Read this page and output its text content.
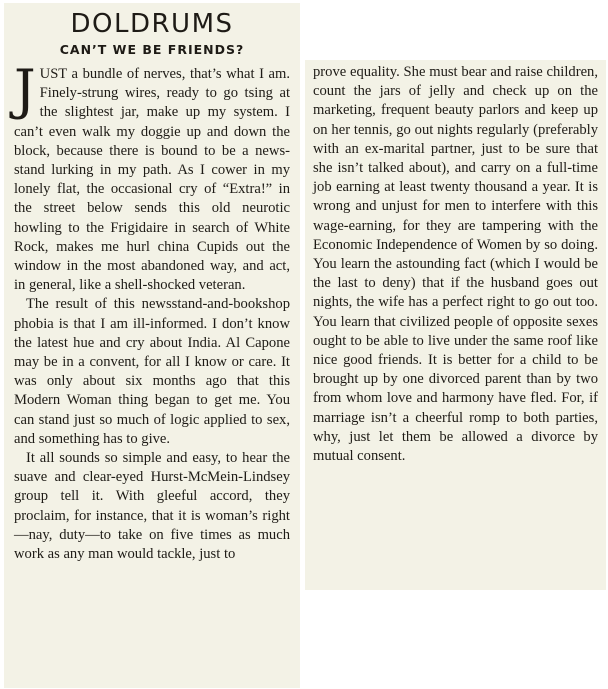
DOLDRUMS
CAN’T WE BE FRIENDS?

JUST a bundle of nerves, that’s what I am. Finely-strung wires, ready to go tsing at the slightest jar, make up my system. I can’t even walk my doggie up and down the block, because there is bound to be a news-stand lurking in my path. As I cower in my lonely flat, the occasional cry of “Extra!” in the street below sends this old neurotic howling to the Frigidaire in search of White Rock, makes me hurl china Cupids out the window in the most abandoned way, and act, in general, like a shell-shocked veteran.

The result of this newsstand-and-bookshop phobia is that I am ill-informed. I don’t know the latest hue and cry about India. Al Capone may be in a convent, for all I know or care. It was only about six months ago that this Modern Woman thing began to get me. You can stand just so much of logic applied to sex, and something has to give.

It all sounds so simple and easy, to hear the suave and clear-eyed Hurst-McMein-Lindsey group tell it. With gleeful accord, they proclaim, for instance, that it is woman’s right—nay, duty—to take on five times as much work as any man would tackle, just to

prove equality. She must bear and raise children, count the jars of jelly and check up on the marketing, frequent beauty parlors and keep up on her tennis, go out nights regularly (preferably with an ex-marital partner, just to be sure that she isn’t talked about), and carry on a full-time job earning at least twenty thousand a year. It is wrong and unjust for men to interfere with this wage-earning, for they are tampering with the Economic Independence of Women by so doing. You learn the astounding fact (which I would be the last to deny) that if the husband goes out nights, the wife has a perfect right to go out too. You learn that civilized people of opposite sexes ought to be able to live under the same roof like nice good friends. It is better for a child to be brought up by one divorced parent than by two from whom love and harmony have fled. For, if marriage isn’t a cheerful romp to both parties, why, just let them be allowed a divorce by mutual consent.
